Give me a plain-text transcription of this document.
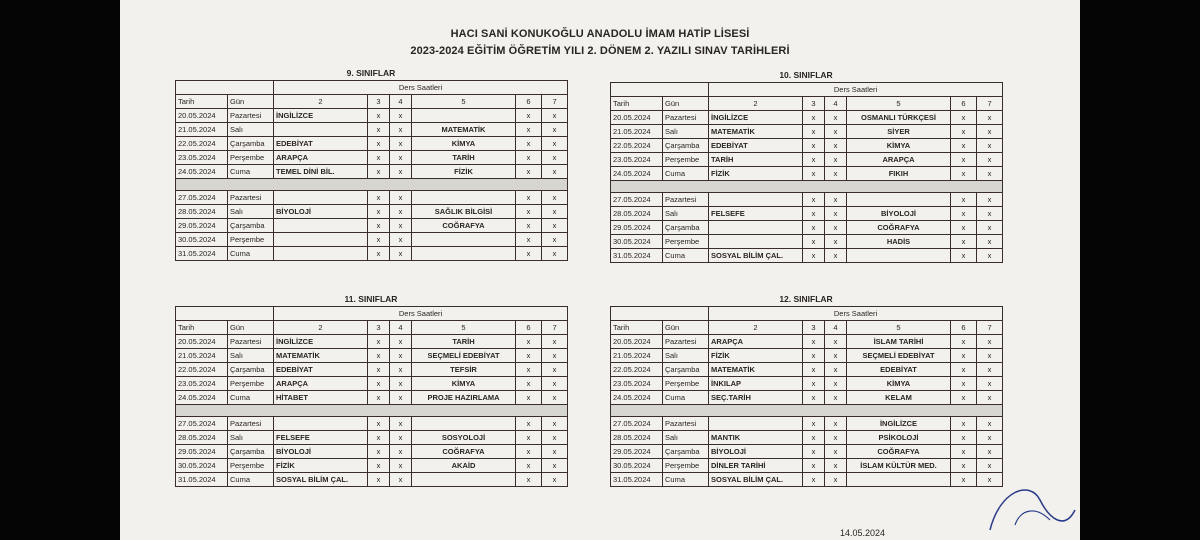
HACI SANİ KONUKOĞLU ANADOLU İMAM HATİP LİSESİ
2023-2024 EĞİTİM ÖĞRETİM YILI 2. DÖNEM 2. YAZILI SINAV TARİHLERİ
9. SINIFLAR
		Ders Saatleri					
Tarih	Gün	2	3	4	5	6	7
20.05.2024	Pazartesi	İNGİLİZCE	x	x		x	x
21.05.2024	Salı		x	x	MATEMATİK	x	x
22.05.2024	Çarşamba	EDEBİYAT	x	x	KİMYA	x	x
23.05.2024	Perşembe	ARAPÇA	x	x	TARİH	x	x
24.05.2024	Cuma	TEMEL DİNİ BİL.	x	x	FİZİK	x	x

27.05.2024	Pazartesi		x	x		x	x
28.05.2024	Salı	BİYOLOJİ	x	x	SAĞLIK BİLGİSİ	x	x
29.05.2024	Çarşamba		x	x	COĞRAFYA	x	x
30.05.2024	Perşembe		x	x		x	x
31.05.2024	Cuma		x	x		x	x
10. SINIFLAR
		Ders Saatleri					
Tarih	Gün	2	3	4	5	6	7
20.05.2024	Pazartesi	İNGİLİZCE	x	x	OSMANLI TÜRKÇESİ	x	x
21.05.2024	Salı	MATEMATİK	x	x	SİYER	x	x
22.05.2024	Çarşamba	EDEBİYAT	x	x	KİMYA	x	x
23.05.2024	Perşembe	TARİH	x	x	ARAPÇA	x	x
24.05.2024	Cuma	FİZİK	x	x	FIKIH	x	x

27.05.2024	Pazartesi		x	x		x	x
28.05.2024	Salı	FELSEFE	x	x	BİYOLOJİ	x	x
29.05.2024	Çarşamba		x	x	COĞRAFYA	x	x
30.05.2024	Perşembe		x	x	HADİS	x	x
31.05.2024	Cuma	SOSYAL BİLİM ÇAL.	x	x		x	x
11. SINIFLAR
		Ders Saatleri					
Tarih	Gün	2	3	4	5	6	7
20.05.2024	Pazartesi	İNGİLİZCE	x	x	TARİH	x	x
21.05.2024	Salı	MATEMATİK	x	x	SEÇMELİ EDEBİYAT	x	x
22.05.2024	Çarşamba	EDEBİYAT	x	x	TEFSİR	x	x
23.05.2024	Perşembe	ARAPÇA	x	x	KİMYA	x	x
24.05.2024	Cuma	HİTABET	x	x	PROJE HAZIRLAMA	x	x

27.05.2024	Pazartesi		x	x		x	x
28.05.2024	Salı	FELSEFE	x	x	SOSYOLOJİ	x	x
29.05.2024	Çarşamba	BİYOLOJİ	x	x	COĞRAFYA	x	x
30.05.2024	Perşembe	FİZİK	x	x	AKAİD	x	x
31.05.2024	Cuma	SOSYAL BİLİM ÇAL.	x	x		x	x
12. SINIFLAR
		Ders Saatleri					
Tarih	Gün	2	3	4	5	6	7
20.05.2024	Pazartesi	ARAPÇA	x	x	İSLAM TARİHİ	x	x
21.05.2024	Salı	FİZİK	x	x	SEÇMELİ EDEBİYAT	x	x
22.05.2024	Çarşamba	MATEMATİK	x	x	EDEBİYAT	x	x
23.05.2024	Perşembe	İNKILAP	x	x	KİMYA	x	x
24.05.2024	Cuma	SEÇ.TARİH	x	x	KELAM	x	x

27.05.2024	Pazartesi		x	x	İNGİLİZCE	x	x
28.05.2024	Salı	MANTIK	x	x	PSİKOLOJİ	x	x
29.05.2024	Çarşamba	BİYOLOJİ	x	x	COĞRAFYA	x	x
30.05.2024	Perşembe	DİNLER TARİHİ	x	x	İSLAM KÜLTÜR MED.	x	x
31.05.2024	Cuma	SOSYAL BİLİM ÇAL.	x	x		x	x
14.05.2024
